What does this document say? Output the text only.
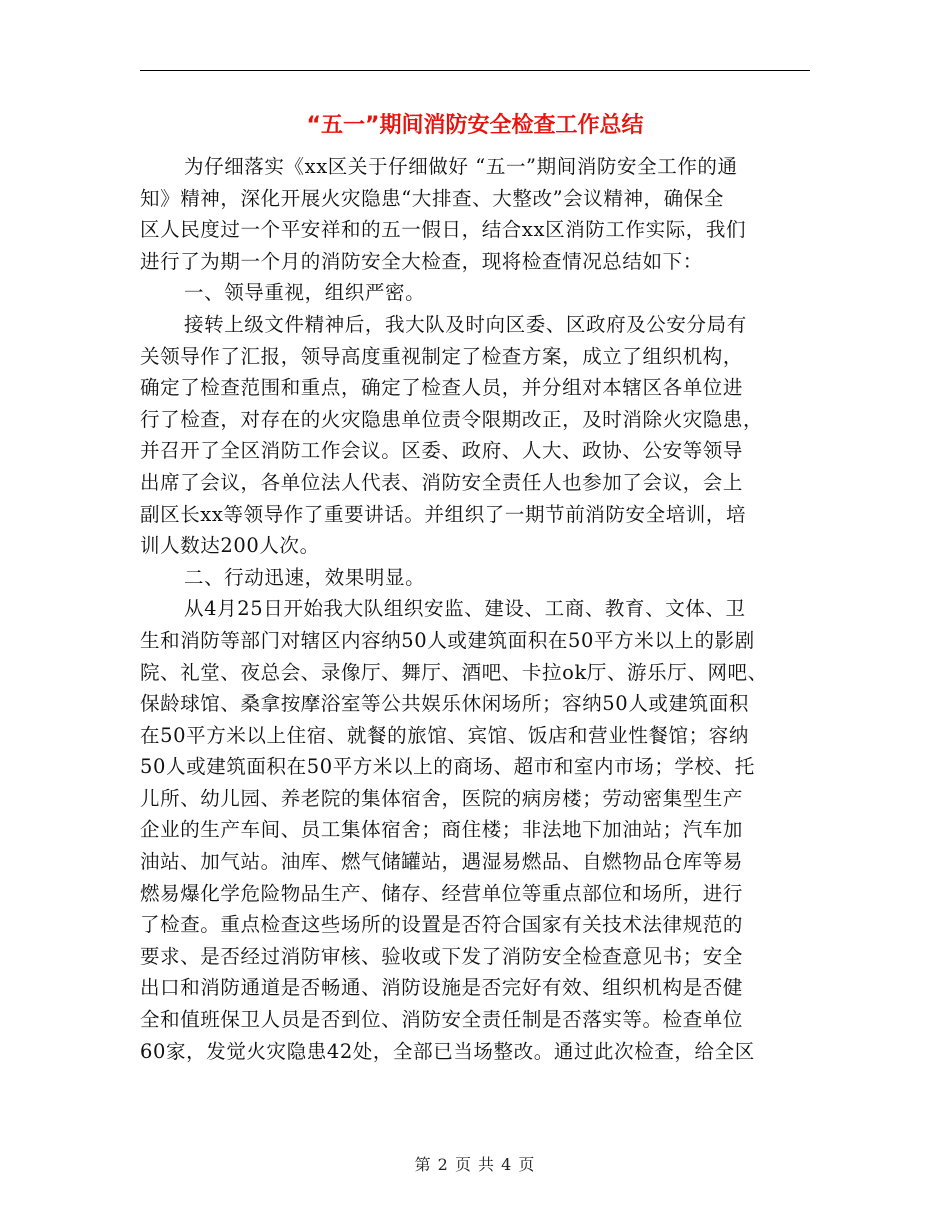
“五一”期间消防安全检查工作总结
为仔细落实《xx区关于仔细做好 “五一”期间消防安全工作的通
知》精神，深化开展火灾隐患“大排查、大整改”会议精神，确保全
区人民度过一个平安祥和的五一假日，结合xx区消防工作实际，我们
进行了为期一个月的消防安全大检查，现将检查情况总结如下：
一、领导重视，组织严密。
接转上级文件精神后，我大队及时向区委、区政府及公安分局有
关领导作了汇报，领导高度重视制定了检查方案，成立了组织机构，
确定了检查范围和重点，确定了检查人员，并分组对本辖区各单位进
行了检查，对存在的火灾隐患单位责令限期改正，及时消除火灾隐患，
并召开了全区消防工作会议。区委、政府、人大、政协、公安等领导
出席了会议，各单位法人代表、消防安全责任人也参加了会议，会上
副区长xx等领导作了重要讲话。并组织了一期节前消防安全培训，培
训人数达200人次。
二、行动迅速，效果明显。
从4月25日开始我大队组织安监、建设、工商、教育、文体、卫
生和消防等部门对辖区内容纳50人或建筑面积在50平方米以上的影剧
院、礼堂、夜总会、录像厅、舞厅、酒吧、卡拉ok厅、游乐厅、网吧、
保龄球馆、桑拿按摩浴室等公共娱乐休闲场所；容纳50人或建筑面积
在50平方米以上住宿、就餐的旅馆、宾馆、饭店和营业性餐馆；容纳
50人或建筑面积在50平方米以上的商场、超市和室内市场；学校、托
儿所、幼儿园、养老院的集体宿舍，医院的病房楼；劳动密集型生产
企业的生产车间、员工集体宿舍；商住楼；非法地下加油站；汽车加
油站、加气站。油库、燃气储罐站，遇湿易燃品、自燃物品仓库等易
燃易爆化学危险物品生产、储存、经营单位等重点部位和场所，进行
了检查。重点检查这些场所的设置是否符合国家有关技术法律规范的
要求、是否经过消防审核、验收或下发了消防安全检查意见书；安全
出口和消防通道是否畅通、消防设施是否完好有效、组织机构是否健
全和值班保卫人员是否到位、消防安全责任制是否落实等。检查单位
60家，发觉火灾隐患42处，全部已当场整改。通过此次检查，给全区
第 2 页 共 4 页
